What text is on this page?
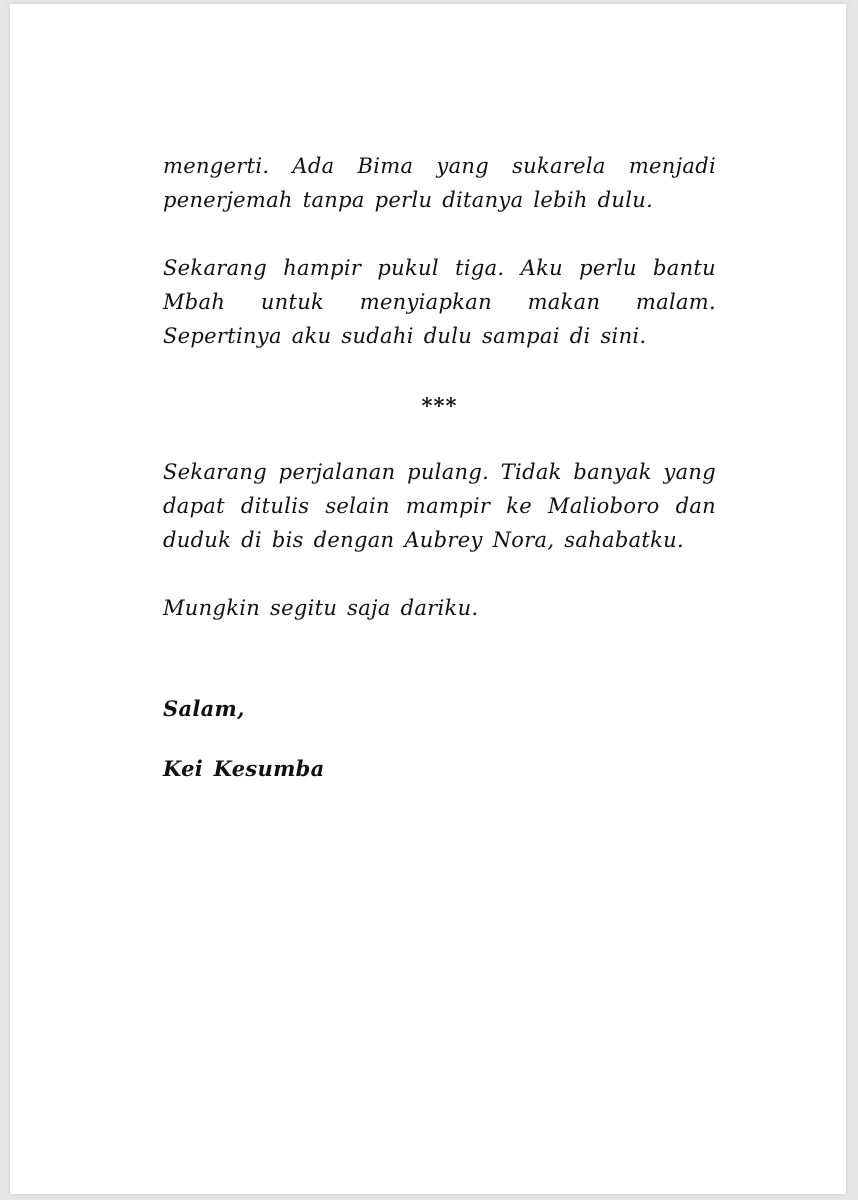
mengerti. Ada Bima yang sukarela menjadi
penerjemah tanpa perlu ditanya lebih dulu.

Sekarang hampir pukul tiga. Aku perlu bantu
Mbah untuk menyiapkan makan malam.
Sepertinya aku sudahi dulu sampai di sini.

***

Sekarang perjalanan pulang. Tidak banyak yang
dapat ditulis selain mampir ke Malioboro dan
duduk di bis dengan Aubrey Nora, sahabatku.

Mungkin segitu saja dariku.

Salam,
Kei Kesumba
